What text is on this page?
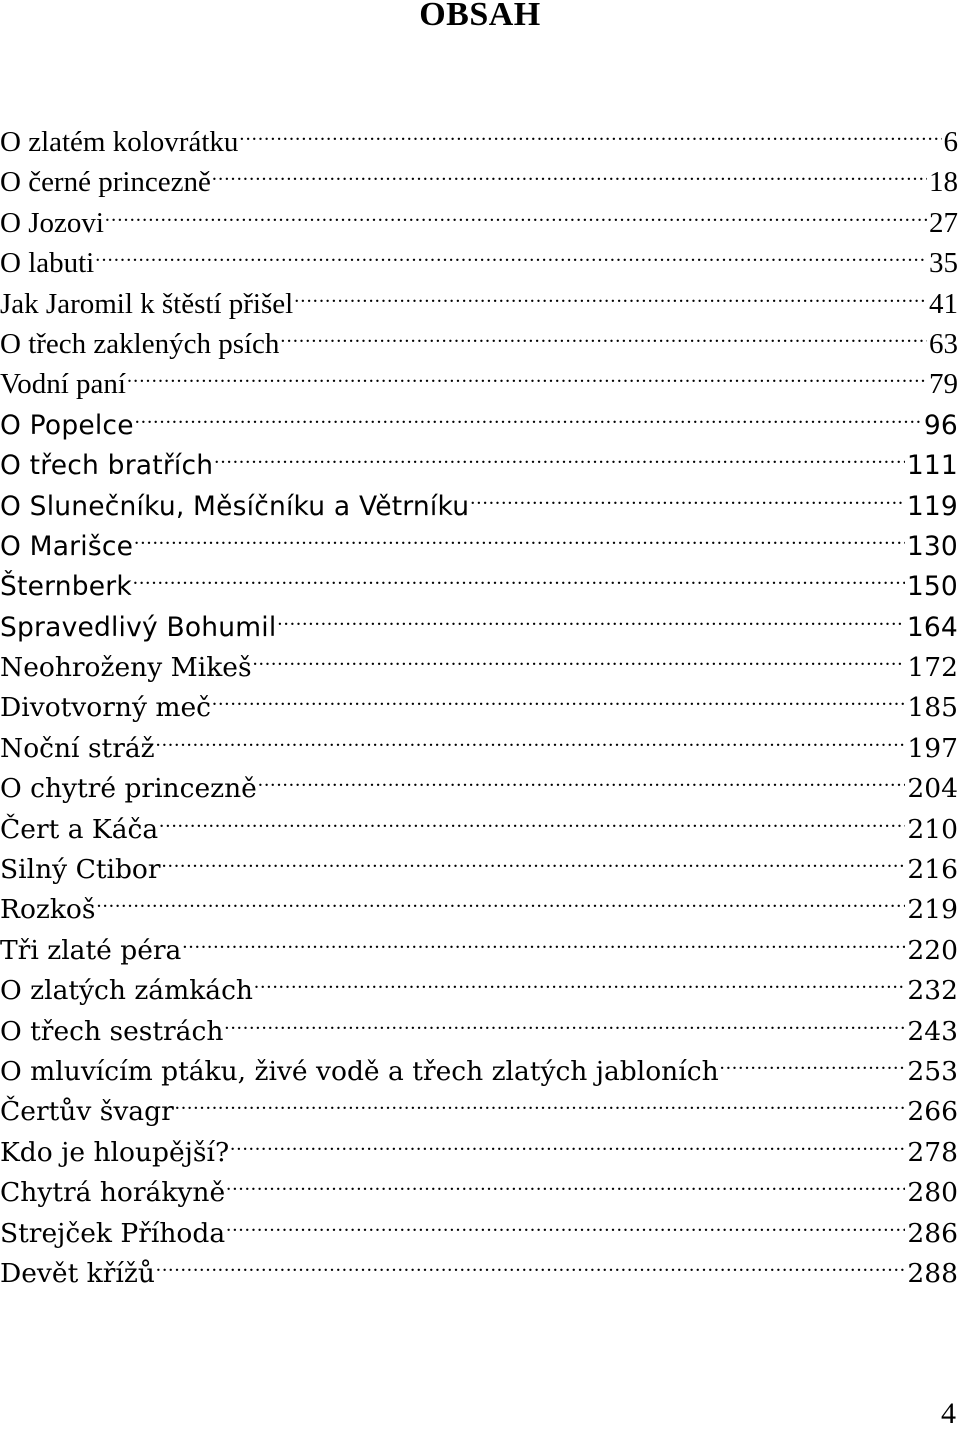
OBSAH
O zlatém kolovrátku .....	6
O černé princezně .....	18
O Jozovi .....	27
O labuti .....	35
Jak Jaromil k štěstí přišel .....	41
O třech zaklených psích .....	63
Vodní paní .....	79
O Popelce .....	96
O třech bratřích .....	111
O Slunečníku, Měsíčníku a Větrníku .....	119
O Marišce .....	130
Šternberk .....	150
Spravedlivý Bohumil .....	164
Neohroženy Mikeš .....	172
Divotvorný meč .....	185
Noční stráž .....	197
O chytré princezně .....	204
Čert a Káča .....	210
Silný Ctibor .....	216
Rozkoš .....	219
Tři zlaté péra .....	220
O zlatých zámkách .....	232
O třech sestrách .....	243
O mluvícím ptáku, živé vodě a třech zlatých jabloních .....	253
Čertův švagr .....	266
Kdo je hloupější? .....	278
Chytrá horákyně .....	280
Strejček Příhoda .....	286
Devět křížů .....	288
4
